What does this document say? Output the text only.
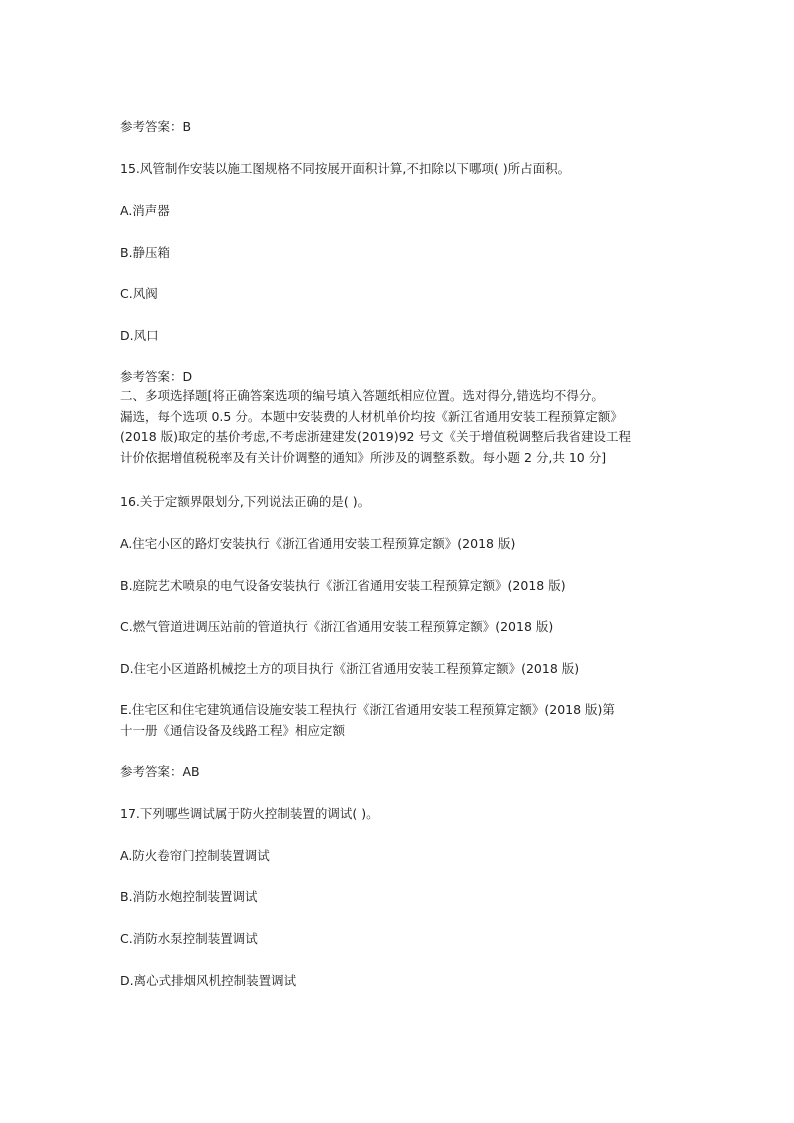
参考答案：B
15.风管制作安装以施工图规格不同按展开面积计算,不扣除以下哪项( )所占面积。
A.消声器
B.静压箱
C.风阀
D.风口
参考答案：D
二、多项选择题[将正确答案选项的编号填入答题纸相应位置。选对得分,错选均不得分。
漏选，每个选项 0.5 分。本题中安装费的人材机单价均按《新江省通用安装工程预算定额》
(2018 版)取定的基价考虑,不考虑浙建建发(2019)92 号文《关于增值税调整后我省建设工程
计价依据增值税税率及有关计价调整的通知》所涉及的调整系数。每小题 2 分,共 10 分]
16.关于定额界限划分,下列说法正确的是( )。
A.住宅小区的路灯安装执行《浙江省通用安装工程预算定额》(2018 版)
B.庭院艺术喷泉的电气设备安装执行《浙江省通用安装工程预算定额》(2018 版)
C.燃气管道进调压站前的管道执行《浙江省通用安装工程预算定额》(2018 版)
D.住宅小区道路机械挖土方的项目执行《浙江省通用安装工程预算定额》(2018 版)
E.住宅区和住宅建筑通信设施安装工程执行《浙江省通用安装工程预算定额》(2018 版)第
十一册《通信设备及线路工程》相应定额
参考答案：AB
17.下列哪些调试属于防火控制装置的调试( )。
A.防火卷帘门控制装置调试
B.消防水炮控制装置调试
C.消防水泵控制装置调试
D.离心式排烟风机控制装置调试
